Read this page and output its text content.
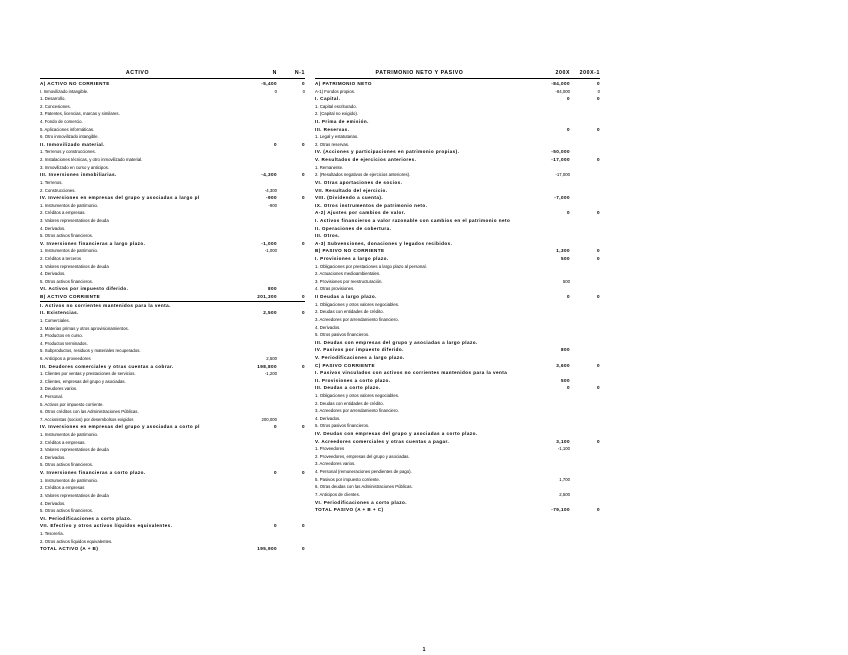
ACTIVO	N	N-1
A) ACTIVO NO CORRIENTE	-5,400	0
I. Inmovilizado intangible.	0	0
1. Desarrollo.
2. Concesiones.
3. Patentes, licencias, marcas y similares.
4. Fondo de comercio.
5. Aplicaciones informáticas.
6. Otro inmovilizado intangible.
II. Inmovilizado material.	0	0
1. Terrenos y construcciones.
2. Instalaciones técnicas, y otro inmovilizado material.
3. Inmovilizado en curso y anticipos.
III. Inversiones inmobiliarias.	-4,300	0
1. Terrenos.
2. Construcciones.	-4,300
IV. Inversiones en empresas del grupo y asociadas a largo pl	-900	0
1. Instrumentos de patrimonio.	-900
2. Créditos a empresas.
3. Valores representativos de deuda
4. Derivados.
5. Otros activos financieros.
V. Inversiones financieras a largo plazo.	-1,000	0
1. Instrumentos de patrimonio.	-1,000
2. Créditos a terceros
3. Valores representativos de deuda
4. Derivados.
5. Otros activos financieros.
VI. Activos por impuesto diferido.	800
B) ACTIVO CORRIENTE	201,300	0
I. Activos no corrientes mantenidos para la venta.
II. Existencias.	2,500	0
1. Comerciales.
2. Materias primas y otros aprovisionamientos.
3. Productos en curso.
4. Productos terminados.
5. Subproductos, residuos y materiales recuperados.
6. Anticipos a proveedores	2,500
III. Deudores comerciales y otras cuentas a cobrar.	198,800	0
1. Clientes por ventas y prestaciones de servicios.	-1,200
2. Clientes, empresas del grupo y asociadas.
3. Deudores varios.
4. Personal.
5. Activos por impuesto corriente.
6. Otros créditos con las Administraciones Públicas.
7. Accionistas (socios) por desembolsos exigidos	200,000
IV. Inversiones en empresas del grupo y asociadas a corto pl	0	0
1. Instrumentos de patrimonio.
2. Créditos a empresas.
3. Valores representativos de deuda
4. Derivados.
5. Otros activos financieros.
V. Inversiones financieras a corto plazo.	0	0
1. Instrumentos de patrimonio.
2. Créditos a empresas
3. Valores representativos de deuda
4. Derivados.
5. Otros activos financieros.
VI. Periodificaciones a corto plazo.
VII. Efectivo y otros activos líquidos equivalentes.	0	0
1. Tesorería.
2. Otros activos líquidos equivalentes.
TOTAL ACTIVO (A + B)	195,900	0
PATRIMONIO NETO Y PASIVO	200X	200X-1
A) PATRIMONIO NETO	-84,000	0
A-1) Fondos propios.	-84,000	0
I. Capital.	0	0
1. Capital escriturado.
2. (Capital no exigido).
II. Prima de emisión.
III. Reservas.	0	0
1. Legal y estatutarias.
2. Otras reservas.
IV. (Acciones y participaciones en patrimonio propias).	-50,000
V. Resultados de ejercicios anteriores.	-17,000	0
1. Remanente.
2. (Resultados negativos de ejercicios anteriores).	-17,000
VI. Otras aportaciones de socios.
VII. Resultado del ejercicio.
VIII. (Dividendo a cuenta).	-7,000
IX. Otros instrumentos de patrimonio neto.
A-2) Ajustes por cambios de valor.	0	0
I. Activos financieros a valor razonable con cambios en el patrimonio neto
II. Operaciones de cobertura.
III. Otros.
A-3) Subvenciones, donaciones y legados recibidos.
B) PASIVO NO CORRIENTE	1,300	0
I. Provisiones a largo plazo.	500	0
1. Obligaciones por prestaciones a largo plazo al personal.
2. Actuaciones medioambientales.
3. Provisiones por reestructuración.	500
4. Otras provisiones.
II Deudas a largo plazo.	0	0
1. Obligaciones y otros valores negociables.
2. Deudas con entidades de crédito.
3. Acreedores por arrendamiento financiero.
4. Derivados.
5. Otros pasivos financieros.
III. Deudas con empresas del grupo y asociadas a largo plazo.
IV. Pasivos por impuesto diferido.	800
V. Periodificaciones a largo plazo.
C) PASIVO CORRIENTE	3,600	0
I. Pasivos vinculados con activos no corrientes mantenidos para la venta
II. Provisiones a corto plazo.	500
III. Deudas a corto plazo.	0	0
1. Obligaciones y otros valores negociables.
2. Deudas con entidades de crédito.
3. Acreedores por arrendamiento financiero.
4. Derivados.
5. Otros pasivos financieros.
IV. Deudas con empresas del grupo y asociadas a corto plazo.
V. Acreedores comerciales y otras cuentas a pagar.	3,100	0
1. Proveedores	-1,100
2. Proveedores, empresas del grupo y asociadas.
3. Acreedores varios.
4. Personal (remuneraciones pendientes de pago).
5. Pasivos por impuesto corriente.	1,700
6. Otras deudas con las Administraciones Públicas.
7. Anticipos de clientes.	2,500
VI. Periodificaciones a corto plazo.
TOTAL PASIVO (A + B + C)	-79,100	0
1
